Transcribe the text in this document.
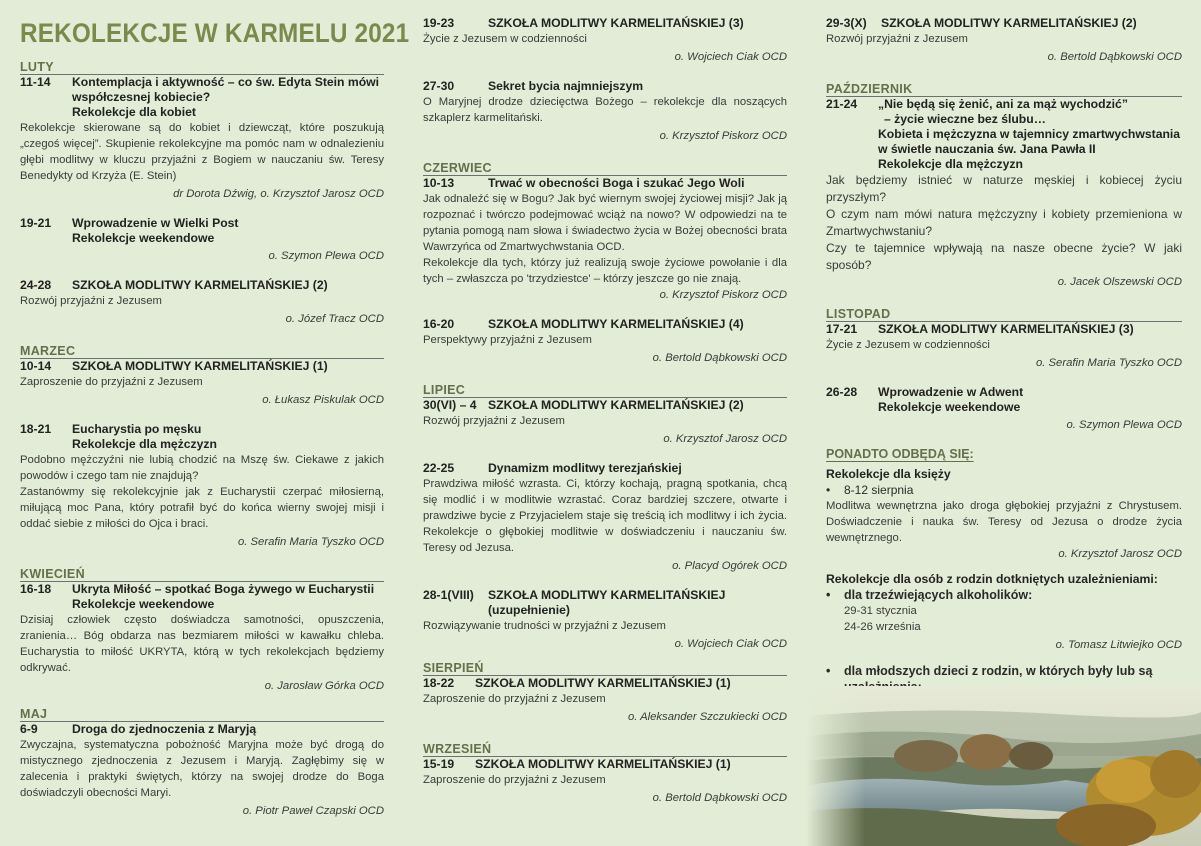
REKOLEKCJE W KARMELU 2021
LUTY
11-14	Kontemplacja i aktywność – co św. Edyta Stein mówi współczesnej kobiecie?
Rekolekcje dla kobiet
Rekolekcje skierowane są do kobiet i dziewcząt, które poszukują „czegoś więcej”. Skupienie rekolekcyjne ma pomóc nam w odnalezieniu głębi modlitwy w kluczu przyjaźni z Bogiem w nauczaniu św. Teresy Benedykty od Krzyża (E. Stein)
dr Dorota Dźwig, o. Krzysztof Jarosz OCD
19-21	Wprowadzenie w Wielki Post
Rekolekcje weekendowe
o. Szymon Plewa OCD
24-28	SZKOŁA MODLITWY KARMELITAŃSKIEJ (2)
Rozwój przyjaźni z Jezusem
o. Józef Tracz OCD
MARZEC
10-14	SZKOŁA MODLITWY KARMELITAŃSKIEJ (1)
Zaproszenie do przyjaźni z Jezusem
o. Łukasz Piskulak OCD
18-21	Eucharystia po męsku
Rekolekcje dla mężczyzn
Podobno mężczyźni nie lubią chodzić na Mszę św. Ciekawe z jakich powodów i czego tam nie znajdują?
Zastanówmy się rekolekcyjnie jak z Eucharystii czerpać miłosierną, miłującą moc Pana, który potrafił być do końca wierny swojej misji i oddać siebie z miłości do Ojca i braci.
o. Serafin Maria Tyszko OCD
KWIECIEŃ
16-18	Ukryta Miłość – spotkać Boga żywego w Eucharystii
Rekolekcje weekendowe
Dzisiaj człowiek często doświadcza samotności, opuszczenia, zranienia… Bóg obdarza nas bezmiarem miłości w kawałku chleba. Eucharystia to miłość UKRYTA, którą w tych rekolekcjach będziemy odkrywać.
o. Jarosław Górka OCD
MAJ
6-9	Droga do zjednoczenia z Maryją
Zwyczajna, systematyczna pobożność Maryjna może być drogą do mistycznego zjednoczenia z Jezusem i Maryją. Zagłębimy się w zalecenia i praktyki świętych, którzy na swojej drodze do Boga doświadczyli obecności Maryi.
o. Piotr Paweł Czapski OCD
19-23	SZKOŁA MODLITWY KARMELITAŃSKIEJ (3)
Życie z Jezusem w codzienności
o. Wojciech Ciak OCD
27-30	Sekret bycia najmniejszym
O Maryjnej drodze dziecięctwa Bożego – rekolekcje dla noszących szkaplerz karmelitański.
o. Krzysztof Piskorz OCD
CZERWIEC
10-13	Trwać w obecności Boga i szukać Jego Woli
Jak odnaleźć się w Bogu? Jak być wiernym swojej życiowej misji? Jak ją rozpoznać i twórczo podejmować wciąż na nowo? W odpowiedzi na te pytania pomogą nam słowa i świadectwo życia w Bożej obecności brata Wawrzyńca od Zmartwychwstania OCD.
Rekolekcje dla tych, którzy już realizują swoje życiowe powołanie i dla tych – zwłaszcza po 'trzydziestce' – którzy jeszcze go nie znają.
o. Krzysztof Piskorz OCD
16-20	SZKOŁA MODLITWY KARMELITAŃSKIEJ (4)
Perspektywy przyjaźni z Jezusem
o. Bertold Dąbkowski OCD
LIPIEC
30(VI) – 4 SZKOŁA MODLITWY KARMELITAŃSKIEJ (2)
Rozwój przyjaźni z Jezusem
o. Krzysztof Jarosz OCD
22-25	Dynamizm modlitwy terezjańskiej
Prawdziwa miłość wzrasta. Ci, którzy kochają, pragną spotkania, chcą się modlić i w modlitwie wzrastać. Coraz bardziej szczere, otwarte i prawdziwe bycie z Przyjacielem staje się treścią ich modlitwy i ich życia. Rekolekcje o głębokiej modlitwie w doświadczeniu i nauczaniu św. Teresy od Jezusa.
o. Placyd Ogórek OCD
28-1(VIII)	SZKOŁA MODLITWY KARMELITAŃSKIEJ
(uzupełnienie)
Rozwiązywanie trudności w przyjaźni z Jezusem
o. Wojciech Ciak OCD
SIERPIEŃ
18-22	SZKOŁA MODLITWY KARMELITAŃSKIEJ (1)
Zaproszenie do przyjaźni z Jezusem
o. Aleksander Szczukiecki OCD
WRZESIEŃ
15-19	SZKOŁA MODLITWY KARMELITAŃSKIEJ (1)
Zaproszenie do przyjaźni z Jezusem
o. Bertold Dąbkowski OCD
29-3(X)	SZKOŁA MODLITWY KARMELITAŃSKIEJ (2)
Rozwój przyjaźni z Jezusem
o. Bertold Dąbkowski OCD
PAŹDZIERNIK
21-24	„Nie będą się żenić, ani za mąż wychodzić”
– życie wieczne bez ślubu…
Kobieta i mężczyzna w tajemnicy zmartwychwstania w świetle nauczania św. Jana Pawła II
Rekolekcje dla mężczyzn
Jak będziemy istnieć w naturze męskiej i kobiecej życiu przyszłym?
O czym nam mówi natura mężczyzny i kobiety przemieniona w Zmartwychwstaniu?
Czy te tajemnice wpływają na nasze obecne życie? W jaki sposób?
o. Jacek Olszewski OCD
LISTOPAD
17-21	SZKOŁA MODLITWY KARMELITAŃSKIEJ (3)
Życie z Jezusem w codzienności
o. Serafin Maria Tyszko OCD
26-28	Wprowadzenie w Adwent
Rekolekcje weekendowe
o. Szymon Plewa OCD
PONADTO ODBĘDĄ SIĘ:
Rekolekcje dla księży
•	8-12 sierpnia
Modlitwa wewnętrzna jako droga głębokiej przyjaźni z Chrystusem. Doświadczenie i nauka św. Teresy od Jezusa o drodze życia wewnętrznego.
o. Krzysztof Jarosz OCD
Rekolekcje dla osób z rodzin dotkniętych uzależnieniami:
•	dla trzeźwiejących alkoholików:
29-31 stycznia
24-26 września
o. Tomasz Litwiejko OCD
•	dla młodszych dzieci z rodzin, w których były lub są
